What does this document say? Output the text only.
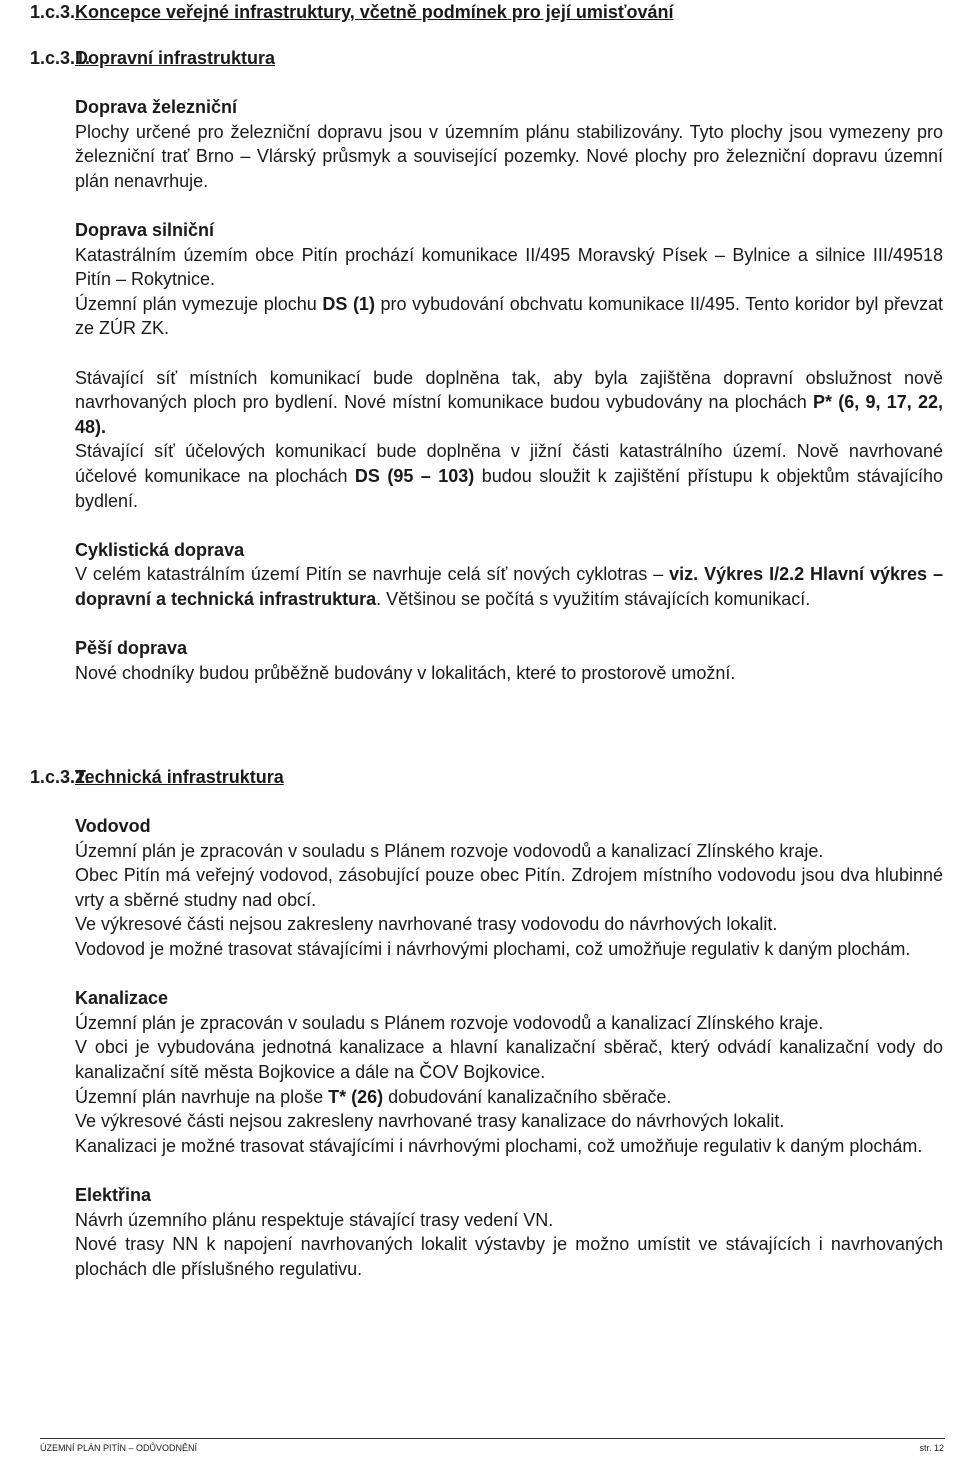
1.c.3.Koncepce veřejné infrastruktury, včetně podmínek pro její umisťování
1.c.3.1.Dopravní infrastruktura

Doprava železniční

Plochy určené pro železniční dopravu jsou v územním plánu stabilizovány. Tyto plochy jsou vymezeny pro železniční trať Brno – Vlárský průsmyk a související pozemky. Nové plochy pro železniční dopravu územní plán nenavrhuje.

Doprava silniční

Katastrálním územím obce Pitín prochází komunikace II/495 Moravský Písek – Bylnice a silnice III/49518 Pitín – Rokytnice.

Územní plán vymezuje plochu DS (1) pro vybudování obchvatu komunikace II/495. Tento koridor byl převzat ze ZÚR ZK.

Stávající síť místních komunikací bude doplněna tak, aby byla zajištěna dopravní obslužnost nově navrhovaných ploch pro bydlení. Nové místní komunikace budou vybudovány na plochách P* (6, 9, 17, 22, 48).

Stávající síť účelových komunikací bude doplněna v jižní části katastrálního území. Nově navrhované účelové komunikace na plochách DS (95 – 103) budou sloužit k zajištění přístupu k objektům stávajícího bydlení.

Cyklistická doprava

V celém katastrálním území Pitín se navrhuje celá síť nových cyklotras – viz. Výkres I/2.2 Hlavní výkres – dopravní a technická infrastruktura. Většinou se počítá s využitím stávajících komunikací.

Pěší doprava

Nové chodníky budou průběžně budovány v lokalitách, které to prostorově umožní.

1.c.3.2.Technická infrastruktura

Vodovod

Územní plán je zpracován v souladu s Plánem rozvoje vodovodů a kanalizací Zlínského kraje.

Obec Pitín má veřejný vodovod, zásobující pouze obec Pitín. Zdrojem místního vodovodu jsou dva hlubinné vrty a sběrné studny nad obcí.

Ve výkresové části nejsou zakresleny navrhované trasy vodovodu do návrhových lokalit.

Vodovod je možné trasovat stávajícími i návrhovými plochami, což umožňuje regulativ k daným plochám.

Kanalizace

Územní plán je zpracován v souladu s Plánem rozvoje vodovodů a kanalizací Zlínského kraje.

V obci je vybudována jednotná kanalizace a hlavní kanalizační sběrač, který odvádí kanalizační vody do kanalizační sítě města Bojkovice a dále na ČOV Bojkovice.

Územní plán navrhuje na ploše T* (26) dobudování kanalizačního sběrače.

Ve výkresové části nejsou zakresleny navrhované trasy kanalizace do návrhových lokalit.

Kanalizaci je možné trasovat stávajícími i návrhovými plochami, což umožňuje regulativ k daným plochám.

Elektřina

Návrh územního plánu respektuje stávající trasy vedení VN.

Nové trasy NN k napojení navrhovaných lokalit výstavby je možno umístit ve stávajících i navrhovaných plochách dle příslušného regulativu.

ÚZEMNÍ PLÁN PITÍN – ODŮVODNĚNÍ	str. 12
